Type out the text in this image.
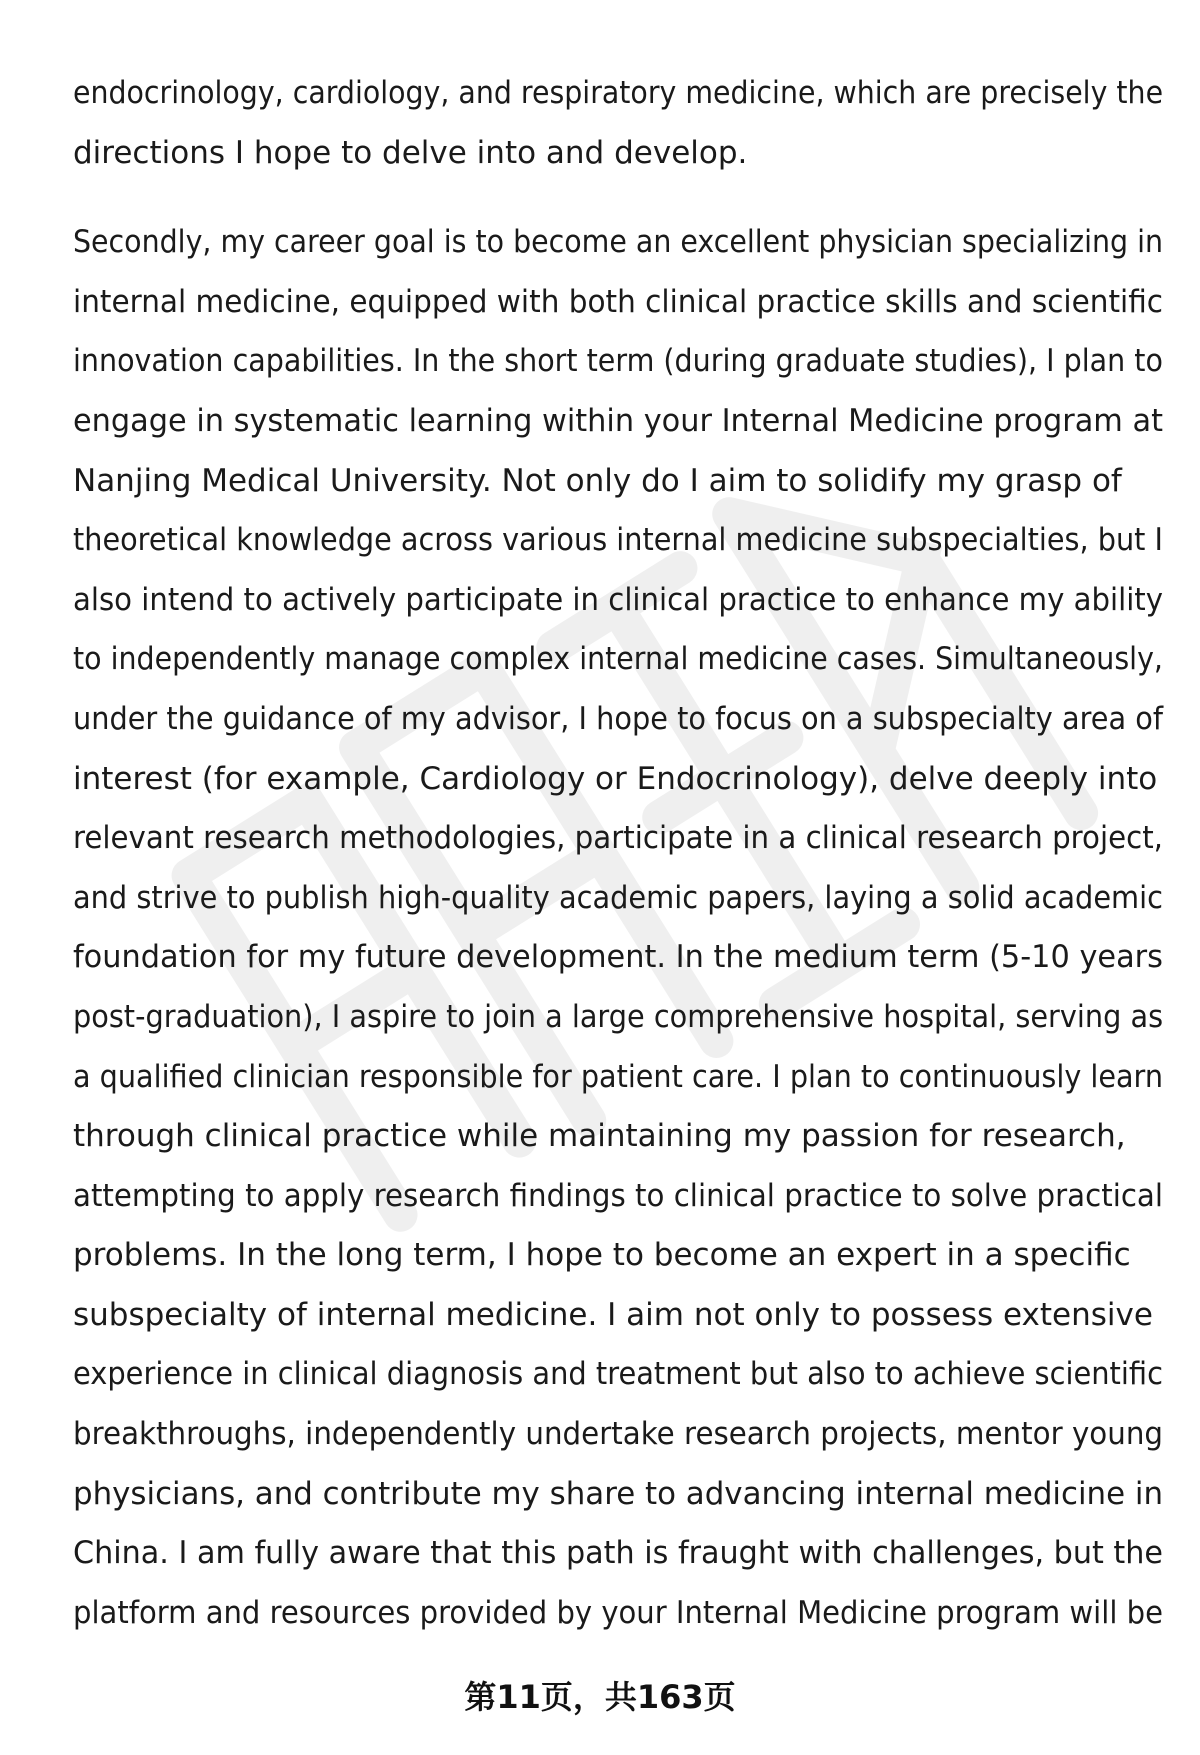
endocrinology, cardiology, and respiratory medicine, which are precisely the
directions I hope to delve into and develop.

Secondly, my career goal is to become an excellent physician specializing in
internal medicine, equipped with both clinical practice skills and scientific
innovation capabilities. In the short term (during graduate studies), I plan to
engage in systematic learning within your Internal Medicine program at
Nanjing Medical University. Not only do I aim to solidify my grasp of
theoretical knowledge across various internal medicine subspecialties, but I
also intend to actively participate in clinical practice to enhance my ability
to independently manage complex internal medicine cases. Simultaneously,
under the guidance of my advisor, I hope to focus on a subspecialty area of
interest (for example, Cardiology or Endocrinology), delve deeply into
relevant research methodologies, participate in a clinical research project,
and strive to publish high-quality academic papers, laying a solid academic
foundation for my future development. In the medium term (5-10 years
post-graduation), I aspire to join a large comprehensive hospital, serving as
a qualified clinician responsible for patient care. I plan to continuously learn
through clinical practice while maintaining my passion for research,
attempting to apply research findings to clinical practice to solve practical
problems. In the long term, I hope to become an expert in a specific
subspecialty of internal medicine. I aim not only to possess extensive
experience in clinical diagnosis and treatment but also to achieve scientific
breakthroughs, independently undertake research projects, mentor young
physicians, and contribute my share to advancing internal medicine in
China. I am fully aware that this path is fraught with challenges, but the
platform and resources provided by your Internal Medicine program will be

第11页，共163页
